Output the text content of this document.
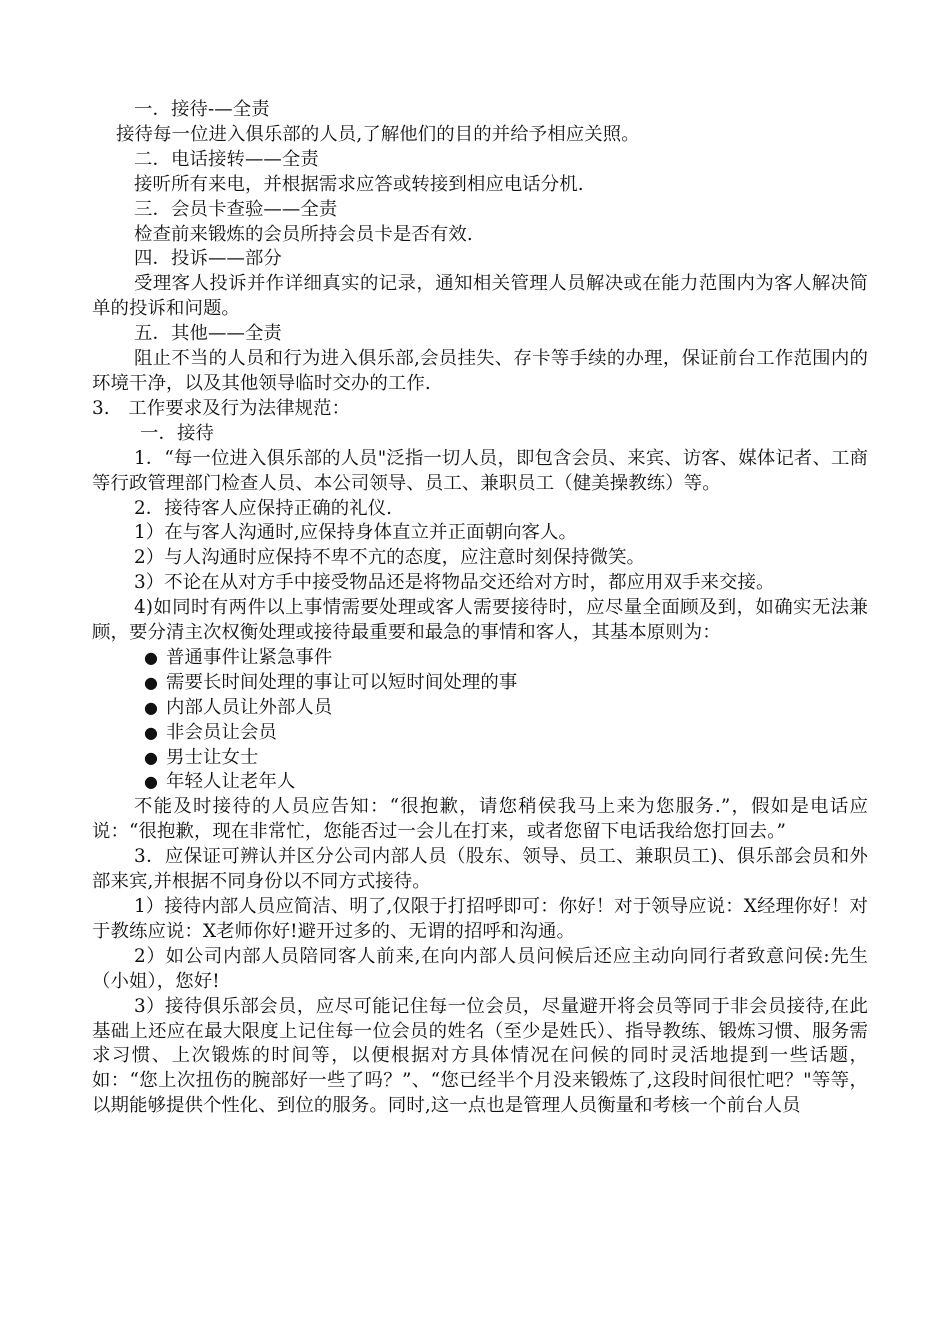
一．接待-—全责

接待每一位进入俱乐部的人员,了解他们的目的并给予相应关照。

二．电话接转——全责

接听所有来电，并根据需求应答或转接到相应电话分机.

三．会员卡查验——全责

检查前来锻炼的会员所持会员卡是否有效.

四．投诉——部分

受理客人投诉并作详细真实的记录，通知相关管理人员解决或在能力范围内为客人解决简单的投诉和问题。

五．其他——全责

阻止不当的人员和行为进入俱乐部,会员挂失、存卡等手续的办理，保证前台工作范围内的环境干净，以及其他领导临时交办的工作.

3.　工作要求及行为法律规范：

一．接待

1．“每一位进入俱乐部的人员"泛指一切人员，即包含会员、来宾、访客、媒体记者、工商等行政管理部门检查人员、本公司领导、员工、兼职员工（健美操教练）等。

2．接待客人应保持正确的礼仪.

1）在与客人沟通时,应保持身体直立并正面朝向客人。

2）与人沟通时应保持不卑不亢的态度，应注意时刻保持微笑。

3）不论在从对方手中接受物品还是将物品交还给对方时，都应用双手来交接。

4)如同时有两件以上事情需要处理或客人需要接待时，应尽量全面顾及到，如确实无法兼顾，要分清主次权衡处理或接待最重要和最急的事情和客人，其基本原则为：

● 普通事件让紧急事件
● 需要长时间处理的事让可以短时间处理的事
● 内部人员让外部人员
● 非会员让会员
● 男士让女士
● 年轻人让老年人

不能及时接待的人员应告知：“很抱歉，请您稍侯我马上来为您服务.”，假如是电话应说：“很抱歉，现在非常忙，您能否过一会儿在打来，或者您留下电话我给您打回去。”

3．应保证可辨认并区分公司内部人员（股东、领导、员工、兼职员工)、俱乐部会员和外部来宾,并根据不同身份以不同方式接待。

1）接待内部人员应简洁、明了,仅限于打招呼即可：你好！对于领导应说：X经理你好！对于教练应说：X老师你好!避开过多的、无谓的招呼和沟通。

2）如公司内部人员陪同客人前来,在向内部人员问候后还应主动向同行者致意问侯:先生（小姐），您好!

3）接待俱乐部会员，应尽可能记住每一位会员，尽量避开将会员等同于非会员接待,在此基础上还应在最大限度上记住每一位会员的姓名（至少是姓氏）、指导教练、锻炼习惯、服务需求习惯、上次锻炼的时间等，以便根据对方具体情况在问候的同时灵活地提到一些话题，如：“您上次扭伤的腕部好一些了吗？”、“您已经半个月没来锻炼了,这段时间很忙吧？"等等，以期能够提供个性化、到位的服务。同时,这一点也是管理人员衡量和考核一个前台人员
